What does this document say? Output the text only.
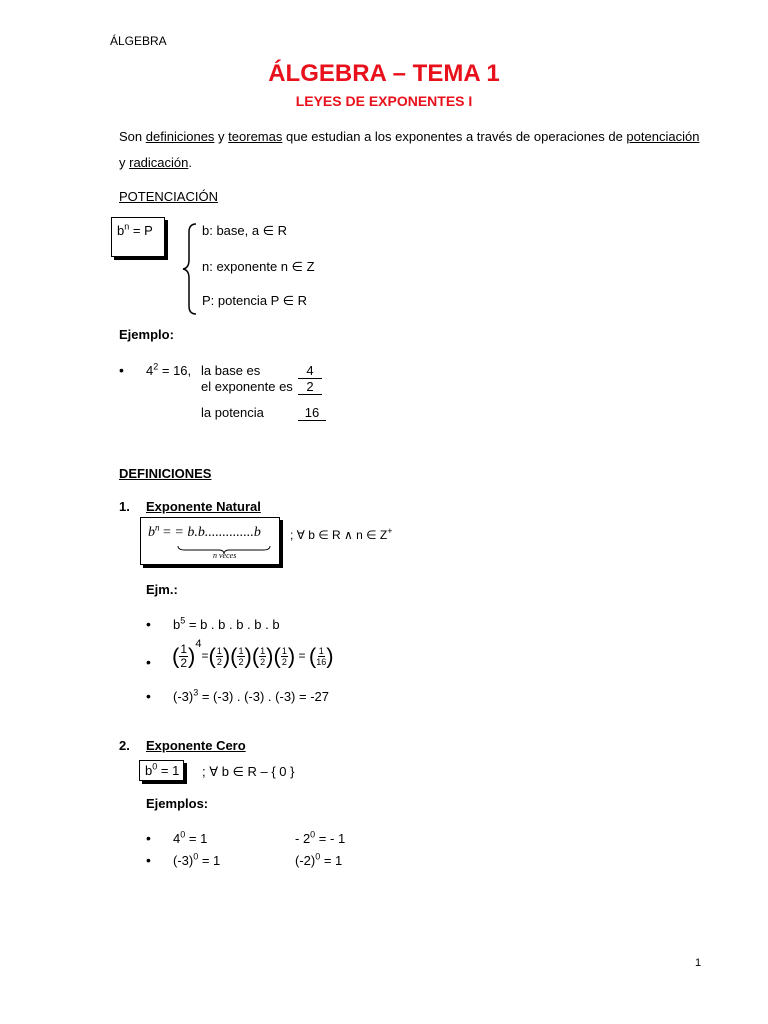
ÁLGEBRA
ÁLGEBRA – TEMA 1
LEYES DE EXPONENTES I
Son definiciones y teoremas que estudian a los exponentes a través de operaciones de potenciación
y radicación.
POTENCIACIÓN
$b^n = P$	b: base, a ∈ R
n: exponente n ∈ Z
P: potencia P ∈ R
Ejemplo:
• $4^2 = 16$, la base es	4
el exponente es	2
la potencia	16
DEFINICIONES
1. Exponente Natural
$b^n$ = = b.b..............b
n veces
; ∀ b ∈ R ∧ n ∈ Z+
Ejm.:
• $b^5 = b$ . b . b . b . b
• ( $\frac{1}{2} )^4=( \frac{1}{2}$ )( $\frac{1}{2}$ )( $\frac{1}{2}$ )( $\frac{1}{2}$ ) = ( $\frac{1}{16}$ )
• $(-3)^3 = (-3)$ . (-3) . (-3) = -27
2. Exponente Cero
$b^0 = 1$ ; ∀ b ∈ R – { 0 }
Ejemplos:
• $4^0 = 1$	- $2^0$ = - 1
• $(-3)^0 = 1$	$(-2)^0 = 1$
1
